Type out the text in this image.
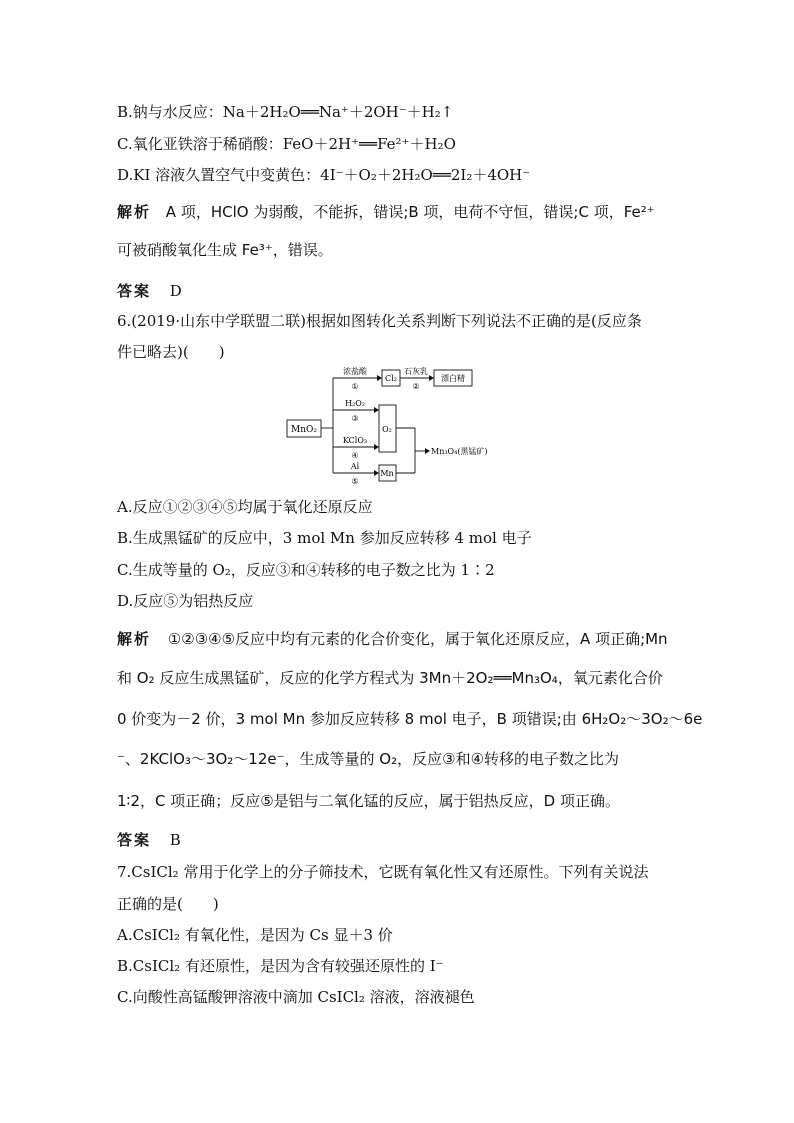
B.钠与水反应：Na＋2H₂O══Na⁺＋2OH⁻＋H₂↑
C.氧化亚铁溶于稀硝酸：FeO＋2H⁺══Fe²⁺＋H₂O
D.KI 溶液久置空气中变黄色：4I⁻＋O₂＋2H₂O══2I₂＋4OH⁻
解析 A 项，HClO 为弱酸，不能拆，错误;B 项，电荷不守恒，错误;C 项，Fe²⁺
可被硝酸氧化生成 Fe³⁺，错误。
答案 D
6.(2019·山东中学联盟二联)根据如图转化关系判断下列说法不正确的是(反应条
件已略去)(　　)
MnO₂
浓盐酸
①
Cl₂
石灰乳
②
漂白精
H₂O₂
③
KClO₃
④
O₂
Al
⑤
Mn
Mn₃O₄(黑锰矿)
A.反应①②③④⑤均属于氧化还原反应
B.生成黑锰矿的反应中，3 mol Mn 参加反应转移 4 mol 电子
C.生成等量的 O₂，反应③和④转移的电子数之比为 1∶2
D.反应⑤为铝热反应
解析 ①②③④⑤反应中均有元素的化合价变化，属于氧化还原反应，A 项正确;Mn
和 O₂ 反应生成黑锰矿，反应的化学方程式为 3Mn＋2O₂══Mn₃O₄，氧元素化合价
0 价变为－2 价，3 mol Mn 参加反应转移 8 mol 电子，B 项错误;由 6H₂O₂～3O₂～6e
⁻、2KClO₃～3O₂～12e⁻，生成等量的 O₂，反应③和④转移的电子数之比为
1∶2，C 项正确；反应⑤是铝与二氧化锰的反应，属于铝热反应，D 项正确。
答案 B
7.CsICl₂ 常用于化学上的分子筛技术，它既有氧化性又有还原性。下列有关说法
正确的是(　　)
A.CsICl₂ 有氧化性，是因为 Cs 显＋3 价
B.CsICl₂ 有还原性，是因为含有较强还原性的 I⁻
C.向酸性高锰酸钾溶液中滴加 CsICl₂ 溶液，溶液褪色
